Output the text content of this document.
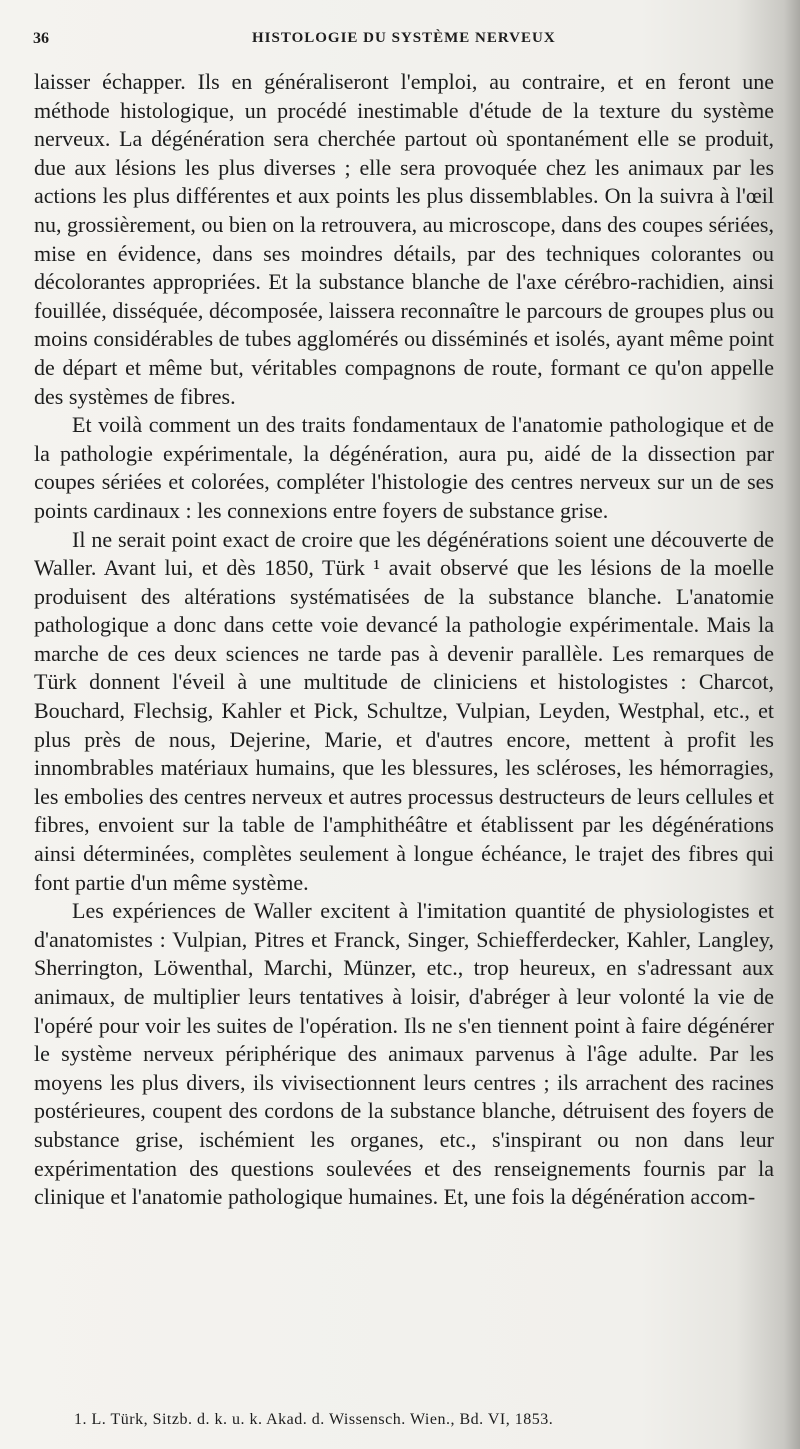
36	HISTOLOGIE DU SYSTÈME NERVEUX

laisser échapper. Ils en généraliseront l'emploi, au contraire, et en feront une méthode histologique, un procédé inestimable d'étude de la texture du système nerveux. La dégénération sera cherchée partout où spontanément elle se produit, due aux lésions les plus diverses ; elle sera provoquée chez les animaux par les actions les plus différentes et aux points les plus dissemblables. On la suivra à l'œil nu, grossièrement, ou bien on la retrouvera, au microscope, dans des coupes sériées, mise en évidence, dans ses moindres détails, par des techniques colorantes ou décolorantes appropriées. Et la substance blanche de l'axe cérébro-rachidien, ainsi fouillée, disséquée, décomposée, laissera reconnaître le parcours de groupes plus ou moins considérables de tubes agglomérés ou disséminés et isolés, ayant même point de départ et même but, véritables compagnons de route, formant ce qu'on appelle des systèmes de fibres.

Et voilà comment un des traits fondamentaux de l'anatomie pathologique et de la pathologie expérimentale, la dégénération, aura pu, aidé de la dissection par coupes sériées et colorées, compléter l'histologie des centres nerveux sur un de ses points cardinaux : les connexions entre foyers de substance grise.

Il ne serait point exact de croire que les dégénérations soient une découverte de Waller. Avant lui, et dès 1850, Türk ¹ avait observé que les lésions de la moelle produisent des altérations systématisées de la substance blanche. L'anatomie pathologique a donc dans cette voie devancé la pathologie expérimentale. Mais la marche de ces deux sciences ne tarde pas à devenir parallèle. Les remarques de Türk donnent l'éveil à une multitude de cliniciens et histologistes : Charcot, Bouchard, Flechsig, Kahler et Pick, Schultze, Vulpian, Leyden, Westphal, etc., et plus près de nous, Dejerine, Marie, et d'autres encore, mettent à profit les innombrables matériaux humains, que les blessures, les scléroses, les hémorragies, les embolies des centres nerveux et autres processus destructeurs de leurs cellules et fibres, envoient sur la table de l'amphithéâtre et établissent par les dégénérations ainsi déterminées, complètes seulement à longue échéance, le trajet des fibres qui font partie d'un même système.

Les expériences de Waller excitent à l'imitation quantité de physiologistes et d'anatomistes : Vulpian, Pitres et Franck, Singer, Schiefferdecker, Kahler, Langley, Sherrington, Löwenthal, Marchi, Münzer, etc., trop heureux, en s'adressant aux animaux, de multiplier leurs tentatives à loisir, d'abréger à leur volonté la vie de l'opéré pour voir les suites de l'opération. Ils ne s'en tiennent point à faire dégénérer le système nerveux périphérique des animaux parvenus à l'âge adulte. Par les moyens les plus divers, ils vivisectionnent leurs centres ; ils arrachent des racines postérieures, coupent des cordons de la substance blanche, détruisent des foyers de substance grise, ischémient les organes, etc., s'inspirant ou non dans leur expérimentation des questions soulevées et des renseignements fournis par la clinique et l'anatomie pathologique humaines. Et, une fois la dégénération accom-

1. L. Türk, Sitzb. d. k. u. k. Akad. d. Wissensch. Wien., Bd. VI, 1853.
